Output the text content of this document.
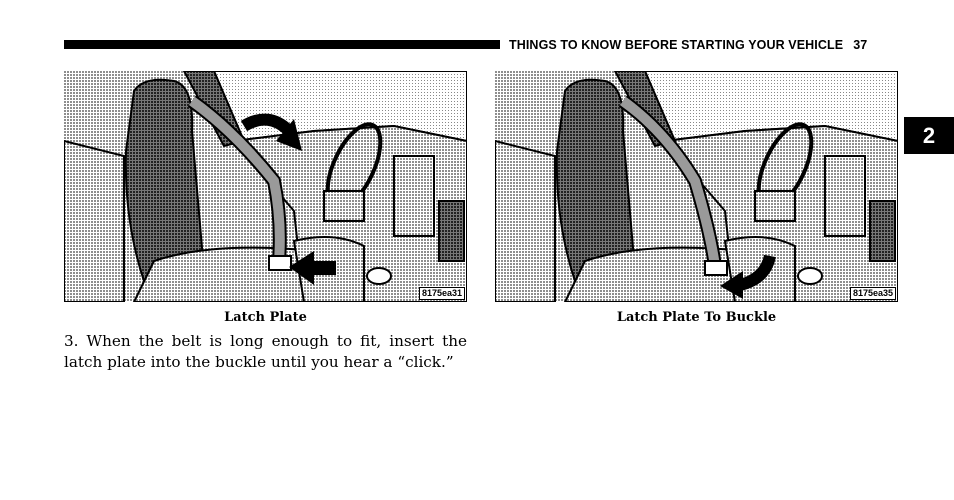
THINGS TO KNOW BEFORE STARTING YOUR VEHICLE 37
2
8175ea31	8175ea35
Latch Plate	Latch Plate To Buckle
3. When the belt is long enough to fit, insert the latch plate into the buckle until you hear a “click.”
